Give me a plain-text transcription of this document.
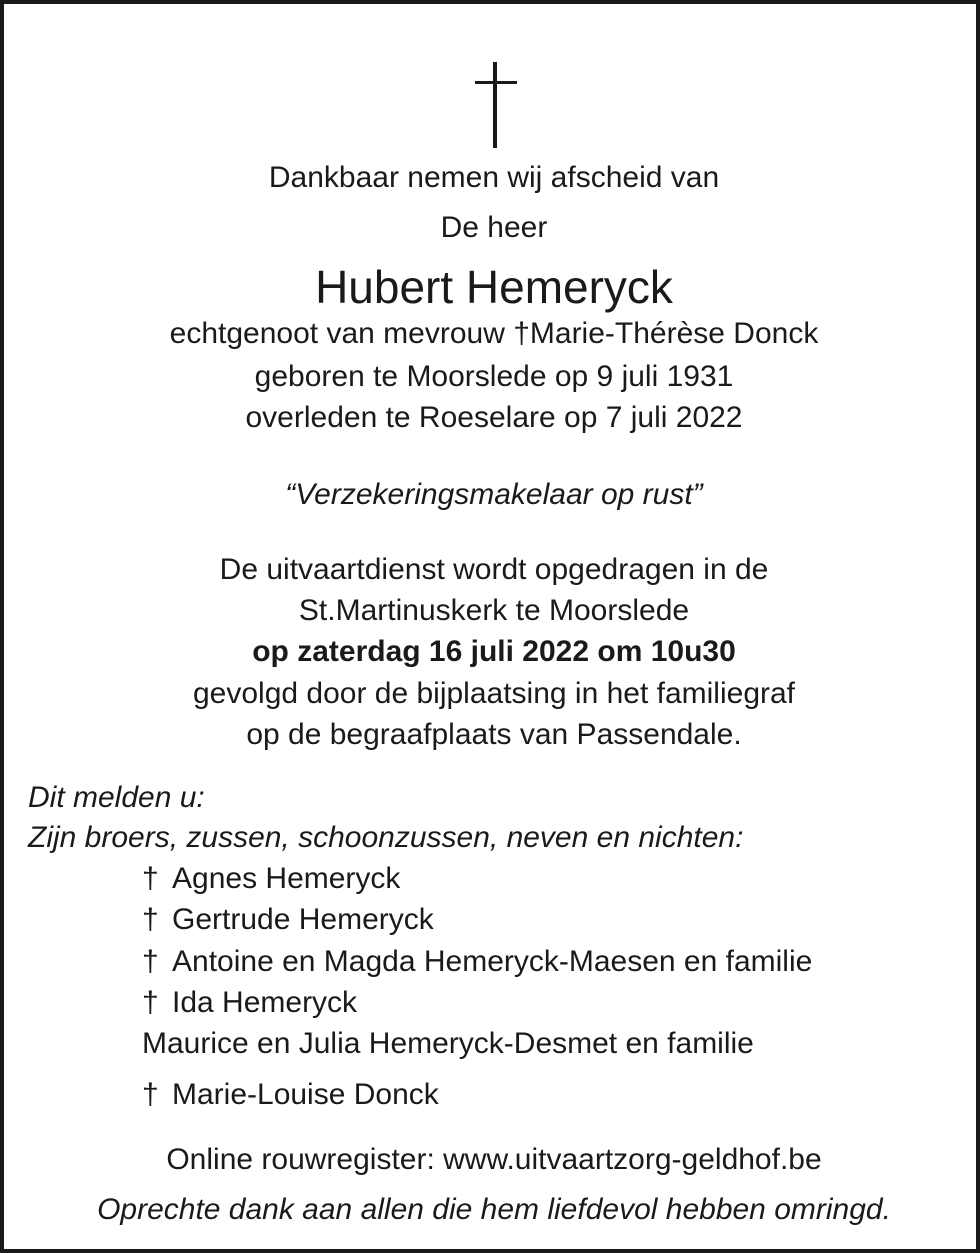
Dankbaar nemen wij afscheid van
De heer
Hubert Hemeryck
echtgenoot van mevrouw †Marie-Thérèse Donck
geboren te Moorslede op 9 juli 1931
overleden te Roeselare op 7 juli 2022
“Verzekeringsmakelaar op rust”
De uitvaartdienst wordt opgedragen in de
St.Martinuskerk te Moorslede
op zaterdag 16 juli 2022 om 10u30
gevolgd door de bijplaatsing in het familiegraf
op de begraafplaats van Passendale.
Dit melden u:
Zijn broers, zussen, schoonzussen, neven en nichten:
† Agnes Hemeryck
† Gertrude Hemeryck
† Antoine en Magda Hemeryck-Maesen en familie
† Ida Hemeryck
Maurice en Julia Hemeryck-Desmet en familie
† Marie-Louise Donck
Online rouwregister: www.uitvaartzorg-geldhof.be
Oprechte dank aan allen die hem liefdevol hebben omringd.
